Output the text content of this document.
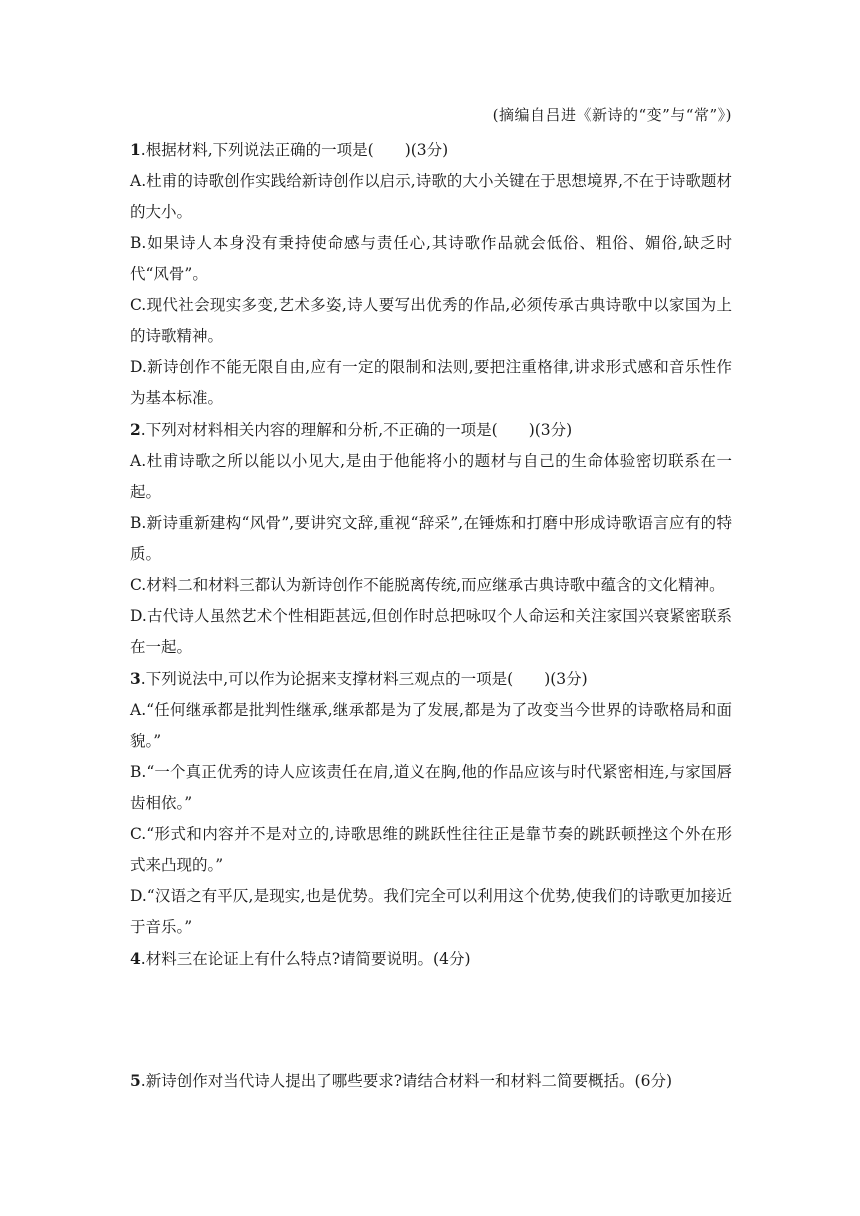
(摘编自吕进《新诗的“变”与“常”》)

1.根据材料,下列说法正确的一项是(　　)(3分)

A.杜甫的诗歌创作实践给新诗创作以启示,诗歌的大小关键在于思想境界,不在于诗歌题材的大小。

B.如果诗人本身没有秉持使命感与责任心,其诗歌作品就会低俗、粗俗、媚俗,缺乏时代“风骨”。

C.现代社会现实多变,艺术多姿,诗人要写出优秀的作品,必须传承古典诗歌中以家国为上的诗歌精神。

D.新诗创作不能无限自由,应有一定的限制和法则,要把注重格律,讲求形式感和音乐性作为基本标准。

2.下列对材料相关内容的理解和分析,不正确的一项是(　　)(3分)

A.杜甫诗歌之所以能以小见大,是由于他能将小的题材与自己的生命体验密切联系在一起。

B.新诗重新建构“风骨”,要讲究文辞,重视“辞采”,在锤炼和打磨中形成诗歌语言应有的特质。

C.材料二和材料三都认为新诗创作不能脱离传统,而应继承古典诗歌中蕴含的文化精神。

D.古代诗人虽然艺术个性相距甚远,但创作时总把咏叹个人命运和关注家国兴衰紧密联系在一起。

3.下列说法中,可以作为论据来支撑材料三观点的一项是(　　)(3分)

A.“任何继承都是批判性继承,继承都是为了发展,都是为了改变当今世界的诗歌格局和面貌。”

B.“一个真正优秀的诗人应该责任在肩,道义在胸,他的作品应该与时代紧密相连,与家国唇齿相依。”

C.“形式和内容并不是对立的,诗歌思维的跳跃性往往正是靠节奏的跳跃顿挫这个外在形式来凸现的。”

D.“汉语之有平仄,是现实,也是优势。我们完全可以利用这个优势,使我们的诗歌更加接近于音乐。”

4.材料三在论证上有什么特点?请简要说明。(4分)

5.新诗创作对当代诗人提出了哪些要求?请结合材料一和材料二简要概括。(6分)
